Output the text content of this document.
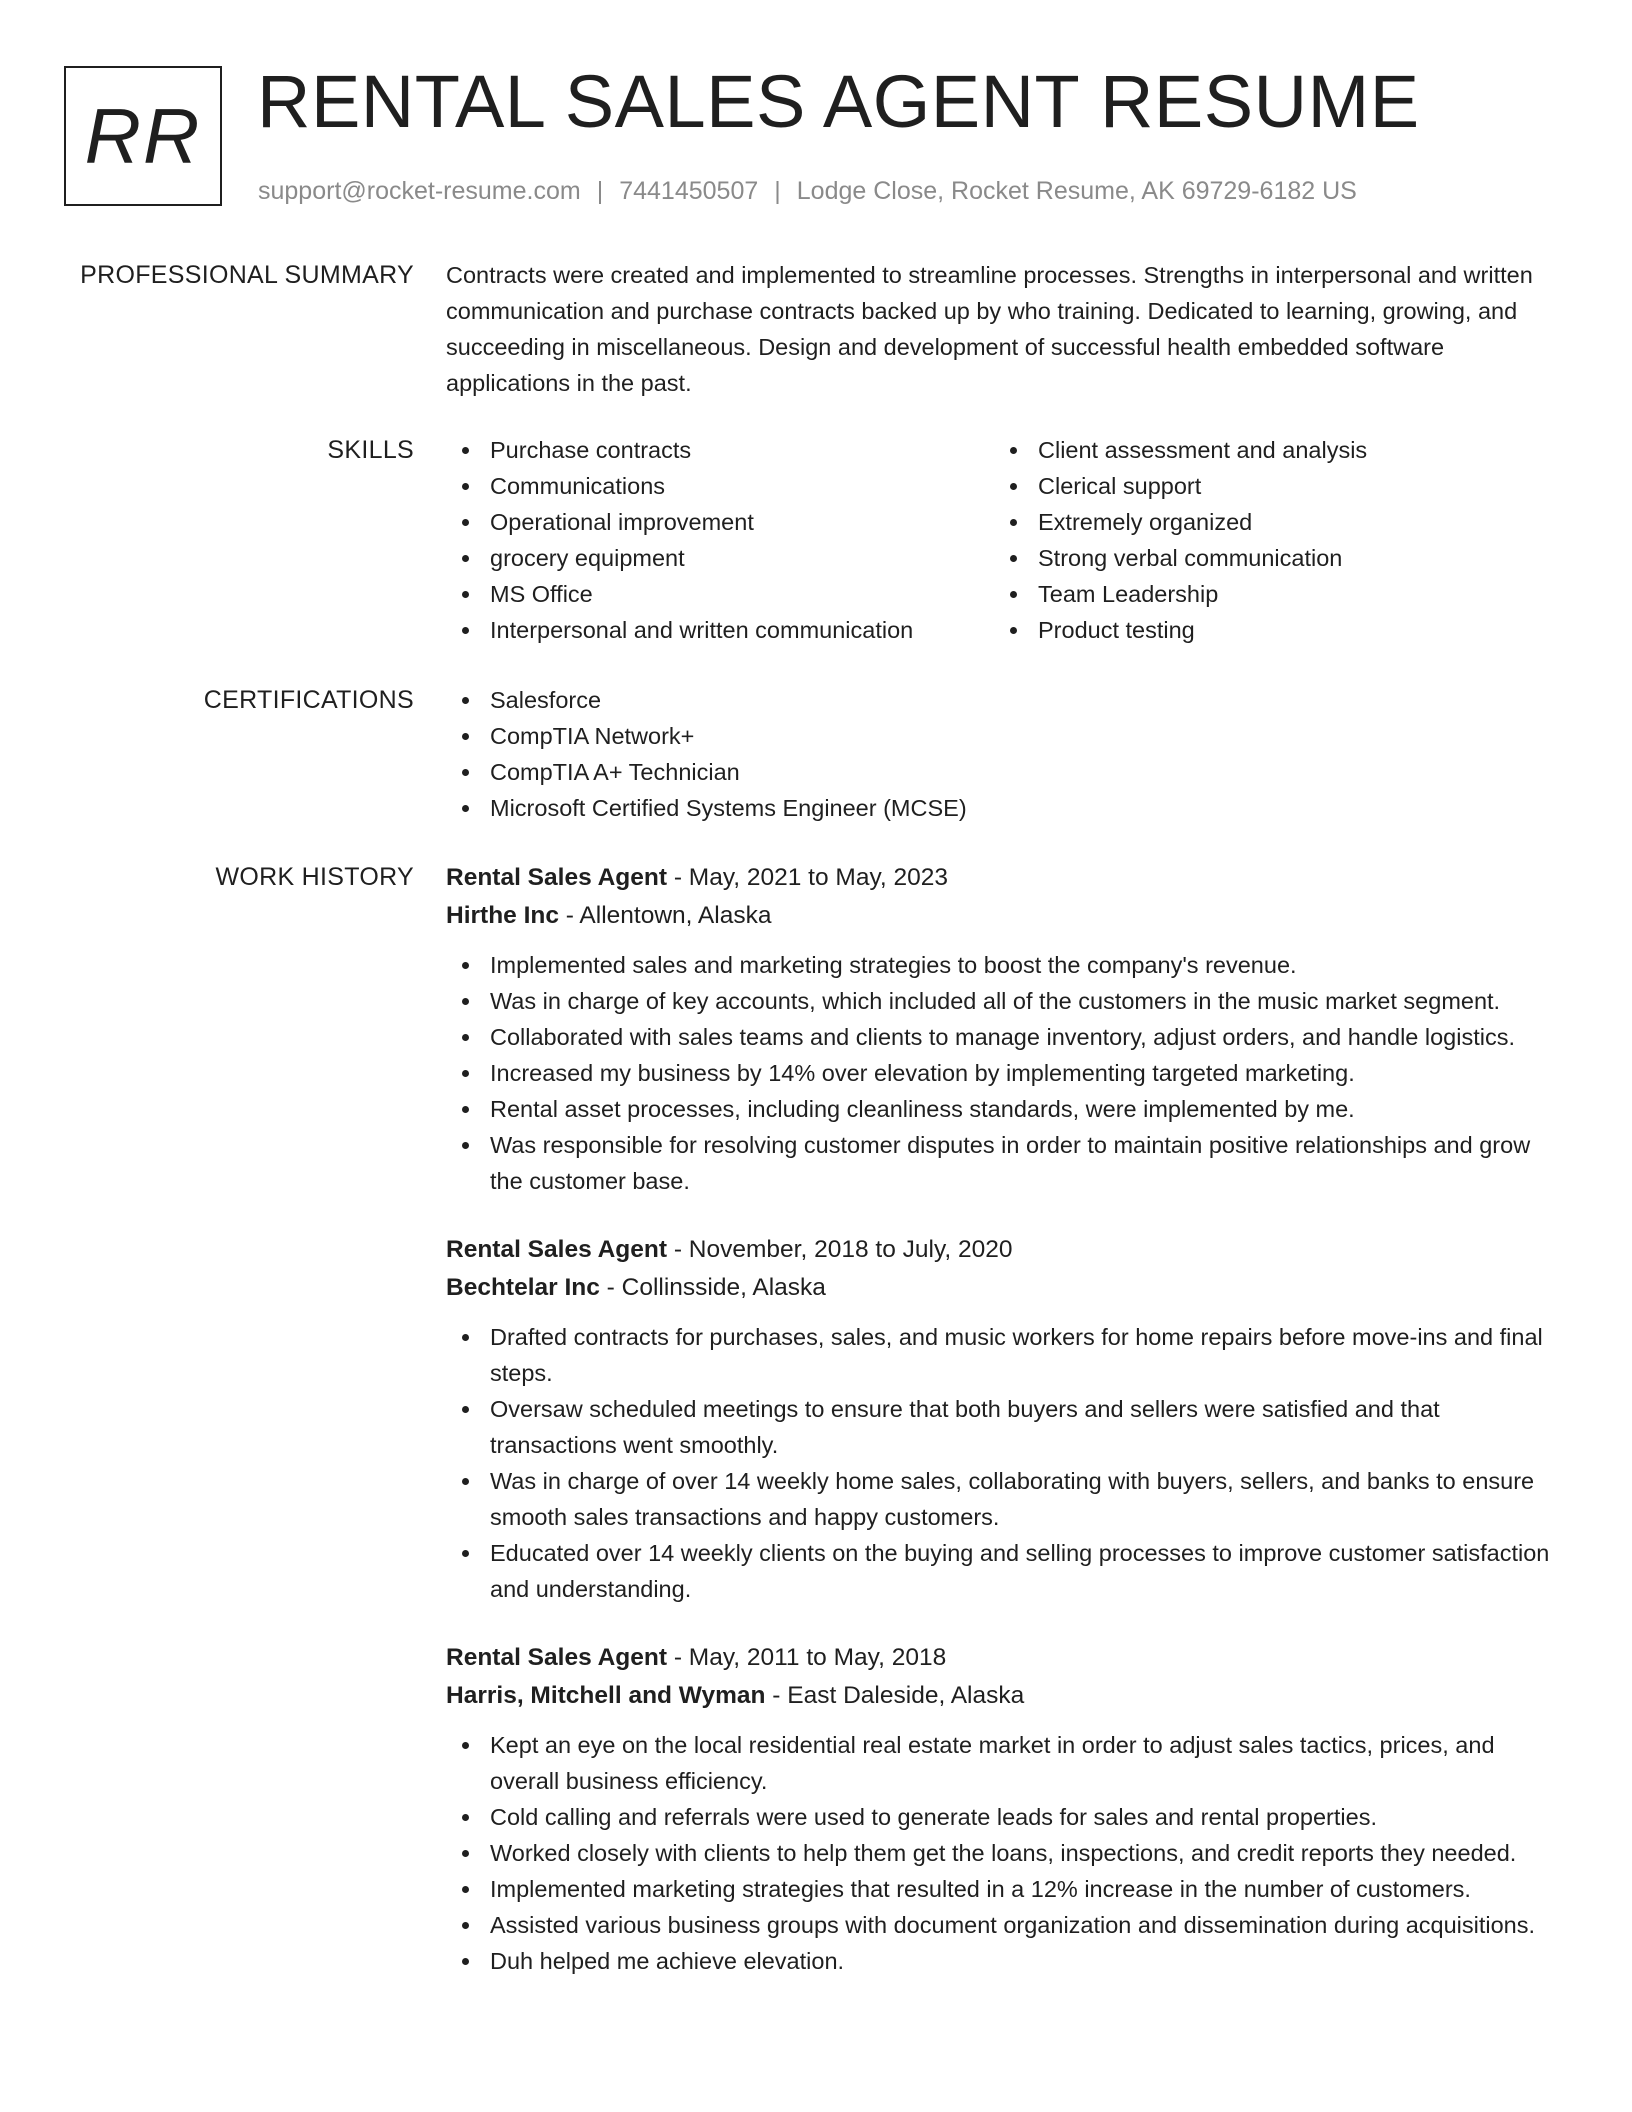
RR RENTAL SALES AGENT RESUME
support@rocket-resume.com | 7441450507 | Lodge Close, Rocket Resume, AK 69729-6182 US
PROFESSIONAL SUMMARY Contracts were created and implemented to streamline processes. Strengths in interpersonal and written communication and purchase contracts backed up by who training. Dedicated to learning, growing, and succeeding in miscellaneous. Design and development of successful health embedded software applications in the past.

SKILLS	Purchase contracts
Communications
Operational improvement
grocery equipment
MS Office
Interpersonal and written communication
Client assessment and analysis
Clerical support
Extremely organized
Strong verbal communication
Team Leadership
Product testing
CERTIFICATIONS	Salesforce
CompTIA Network+
CompTIA A+ Technician
Microsoft Certified Systems Engineer (MCSE)
WORK HISTORY Rental Sales Agent - May, 2021 to May, 2023
Hirthe Inc - Allentown, Alaska
Implemented sales and marketing strategies to boost the company's revenue.
Was in charge of key accounts, which included all of the customers in the music market segment.
Collaborated with sales teams and clients to manage inventory, adjust orders, and handle logistics.
Increased my business by 14% over elevation by implementing targeted marketing.
Rental asset processes, including cleanliness standards, were implemented by me.
Was responsible for resolving customer disputes in order to maintain positive relationships and grow the customer base.
Rental Sales Agent - November, 2018 to July, 2020
Bechtelar Inc - Collinsside, Alaska
Drafted contracts for purchases, sales, and music workers for home repairs before move-ins and final steps.
Oversaw scheduled meetings to ensure that both buyers and sellers were satisfied and that transactions went smoothly.
Was in charge of over 14 weekly home sales, collaborating with buyers, sellers, and banks to ensure smooth sales transactions and happy customers.
Educated over 14 weekly clients on the buying and selling processes to improve customer satisfaction and understanding.
Rental Sales Agent - May, 2011 to May, 2018
Harris, Mitchell and Wyman - East Daleside, Alaska
Kept an eye on the local residential real estate market in order to adjust sales tactics, prices, and overall business efficiency.
Cold calling and referrals were used to generate leads for sales and rental properties.
Worked closely with clients to help them get the loans, inspections, and credit reports they needed.
Implemented marketing strategies that resulted in a 12% increase in the number of customers.
Assisted various business groups with document organization and dissemination during acquisitions.
Duh helped me achieve elevation.
